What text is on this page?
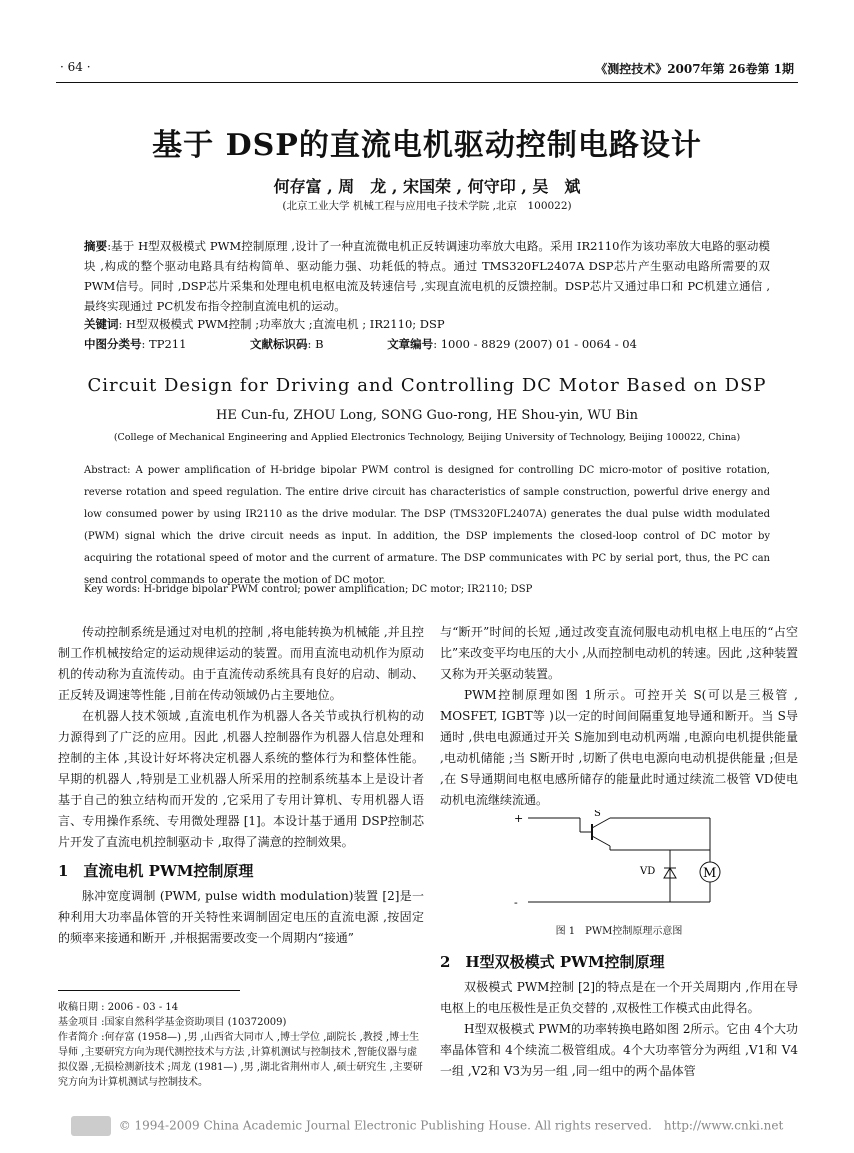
· 64 ·	《测控技术》2007年第 26卷第 1期
基于 DSP的直流电机驱动控制电路设计
何存富 , 周　龙 , 宋国荣 , 何守印 , 吴　斌
(北京工业大学 机械工程与应用电子技术学院 ,北京　100022)
摘要:基于 H型双极模式 PWM控制原理 ,设计了一种直流微电机正反转调速功率放大电路。采用 IR2110作为该功率放大电路的驱动模块 ,构成的整个驱动电路具有结构简单、驱动能力强、功耗低的特点。通过 TMS320FL2407A DSP芯片产生驱动电路所需要的双 PWM信号。同时 ,DSP芯片采集和处理电机电枢电流及转速信号 ,实现直流电机的反馈控制。DSP芯片又通过串口和 PC机建立通信 ,最终实现通过 PC机发布指令控制直流电机的运动。
关键词: H型双极模式 PWM控制 ;功率放大 ;直流电机 ; IR2110; DSP
中图分类号: TP211	文献标识码: B	文章编号: 1000 - 8829 (2007) 01 - 0064 - 04
Circuit Design for Driving and Controlling DC Motor Based on DSP
HE Cun-fu, ZHOU Long, SONG Guo-rong, HE Shou-yin, WU Bin
(College of Mechanical Engineering and Applied Electronics Technology, Beijing University of Technology, Beijing 100022, China)
Abstract: A power amplification of H-bridge bipolar PWM control is designed for controlling DC micro-motor of positive rotation, reverse rotation and speed regulation. The entire drive circuit has characteristics of sample construction, powerful drive energy and low consumed power by using IR2110 as the drive modular. The DSP (TMS320FL2407A) generates the dual pulse width modulated (PWM) signal which the drive circuit needs as input. In addition, the DSP implements the closed-loop control of DC motor by acquiring the rotational speed of motor and the current of armature. The DSP communicates with PC by serial port, thus, the PC can send control commands to operate the motion of DC motor.
Key words: H-bridge bipolar PWM control; power amplification; DC motor; IR2110; DSP

传动控制系统是通过对电机的控制 ,将电能转换为机械能 ,并且控制工作机械按给定的运动规律运动的装置。而用直流电动机作为原动机的传动称为直流传动。由于直流传动系统具有良好的启动、制动、正反转及调速等性能 ,目前在传动领域仍占主要地位。

在机器人技术领域 ,直流电机作为机器人各关节或执行机构的动力源得到了广泛的应用。因此 ,机器人控制器作为机器人信息处理和控制的主体 ,其设计好坏将决定机器人系统的整体行为和整体性能。早期的机器人 ,特别是工业机器人所采用的控制系统基本上是设计者基于自己的独立结构而开发的 ,它采用了专用计算机、专用机器人语言、专用操作系统、专用微处理器 [1]。本设计基于通用 DSP控制芯片开发了直流电机控制驱动卡 ,取得了满意的控制效果。

1　直流电机 PWM控制原理

脉冲宽度调制 (PWM, pulse width modulation)装置 [2]是一种利用大功率晶体管的开关特性来调制固定电压的直流电源 ,按固定的频率来接通和断开 ,并根据需要改变一个周期内“接通”

收稿日期 : 2006 - 03 - 14
基金项目 :国家自然科学基金资助项目 (10372009)
作者简介 :何存富 (1958—) ,男 ,山西省大同市人 ,博士学位 ,副院长 ,教授 ,博士生导师 ,主要研究方向为现代测控技术与方法 ,计算机测试与控制技术 ,智能仪器与虚拟仪器 ,无损检测新技术 ;周龙 (1981—) ,男 ,湖北省荆州市人 ,硕士研究生 ,主要研究方向为计算机测试与控制技术。

与“断开”时间的长短 ,通过改变直流伺服电动机电枢上电压的“占空比”来改变平均电压的大小 ,从而控制电动机的转速。因此 ,这种装置又称为开关驱动装置。

PWM控制原理如图 1所示。可控开关 S(可以是三极管 , MOSFET, IGBT等 )以一定的时间间隔重复地导通和断开。当 S导通时 ,供电电源通过开关 S施加到电动机两端 ,电源向电机提供能量 ,电动机储能 ;当 S断开时 ,切断了供电电源向电动机提供能量 ;但是 ,在 S导通期间电枢电感所储存的能量此时通过续流二极管 VD使电动机电流继续流通。

+
-
S
VD	M
图 1　PWM控制原理示意图
2　H型双极模式 PWM控制原理

双极模式 PWM控制 [2]的特点是在一个开关周期内 ,作用在导电枢上的电压极性是正负交替的 ,双极性工作模式由此得名。

H型双极模式 PWM的功率转换电路如图 2所示。它由 4个大功率晶体管和 4个续流二极管组成。4个大功率管分为两组 ,V1和 V4一组 ,V2和 V3为另一组 ,同一组中的两个晶体管

© 1994-2009 China Academic Journal Electronic Publishing House. All rights reserved.　http://www.cnki.net
